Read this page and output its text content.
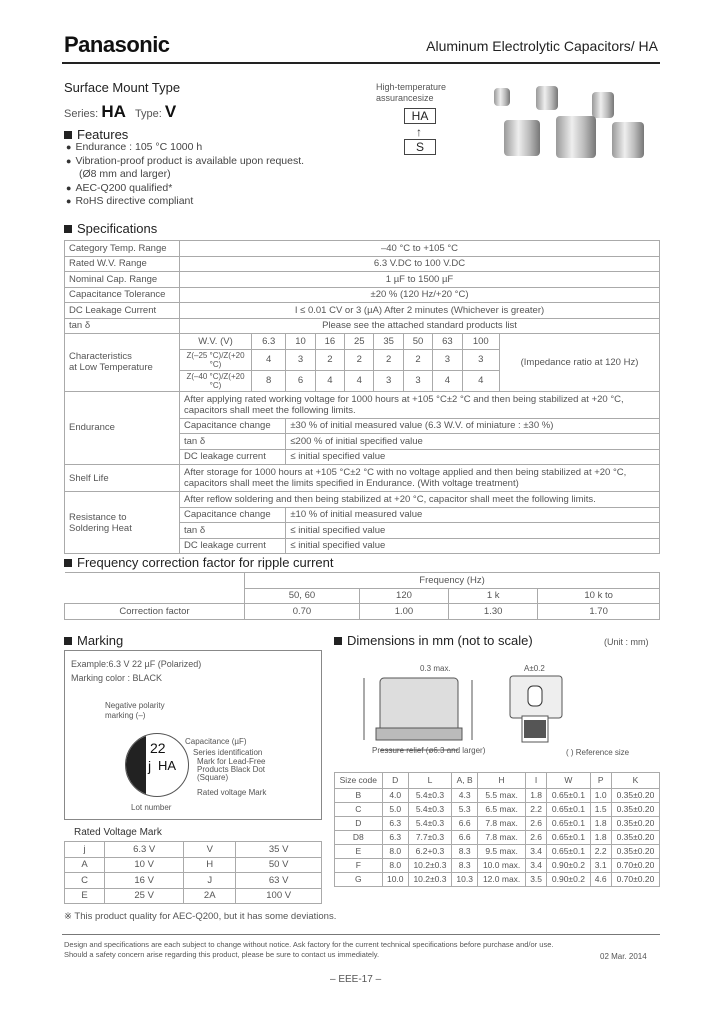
Panasonic	Aluminum Electrolytic Capacitors/ HA
Surface Mount Type
Series: HA Type: V
High-temperature
assurancesize
HA
↑
S
Features
● Endurance : 105 °C 1000 h
● Vibration-proof product is available upon request.
(Ø8 mm and larger)
● AEC-Q200 qualified*
● RoHS directive compliant
Specifications
Category Temp. Range	–40 °C to +105 °C									
Rated W.V. Range	6.3 V.DC to 100 V.DC									
Nominal Cap. Range	1 µF to 1500 µF									
Capacitance Tolerance	±20 % (120 Hz/+20 °C)									
DC Leakage Current	I ≤ 0.01 CV or 3 (µA) After 2 minutes (Whichever is greater)									
tan δ	Please see the attached standard products list									
Characteristics
at Low Temperature	W.V. (V)	6.3	10	16	25	35	50	63	100	(Impedance ratio at 120 Hz)
	Z(–25 °C)/Z(+20 °C)	4	3	2	2	2	2	3	3	
	Z(–40 °C)/Z(+20 °C)	8	6	4	4	3	3	4	4	
Endurance	After applying rated working voltage for 1000 hours at +105 °C±2 °C and then being stabilized at +20 °C, capacitors shall meet the following limits.									
	Capacitance change		±30 % of initial measured value (6.3 W.V. of miniature : ±30 %)							
	tan δ		≤200 % of initial specified value							
	DC leakage current		≤ initial specified value							
Shelf Life	After storage for 1000 hours at +105 °C±2 °C with no voltage applied and then being stabilized at +20 °C, capacitors shall meet the limits specified in Endurance. (With voltage treatment)									
Resistance to
Soldering Heat	After reflow soldering and then being stabilized at +20 °C, capacitor shall meet the following limits.									
	Capacitance change		±10 % of initial measured value							
	tan δ		≤ initial specified value							
	DC leakage current		≤ initial specified value							
Frequency correction factor for ripple current
	Frequency (Hz)			
	50, 60	120	1 k	10 k to
Correction factor	0.70	1.00	1.30	1.70
Marking
Example:6.3 V 22 µF (Polarized)
Marking color : BLACK
Negative polarity
marking (–)
22
j HA
Capacitance (µF)
Series identification
Mark for Lead-Free
Products Black Dot
(Square)
Rated voltage Mark
Lot number
Rated Voltage Mark
j	6.3 V	V	35 V
A	10 V	H	50 V
C	16 V	J	63 V
E	25 V	2A	100 V
Dimensions in mm (not to scale)	(Unit : mm)
0.3 max.	A±0.2
Pressure relief (ø6.3 and larger)	( ) Reference size
Size code	D	L	A, B	H	I	W	P	K
B	4.0	5.4±0.3	4.3	5.5 max.	1.8	0.65±0.1	1.0	0.35±0.20
C	5.0	5.4±0.3	5.3	6.5 max.	2.2	0.65±0.1	1.5	0.35±0.20
D	6.3	5.4±0.3	6.6	7.8 max.	2.6	0.65±0.1	1.8	0.35±0.20
D8	6.3	7.7±0.3	6.6	7.8 max.	2.6	0.65±0.1	1.8	0.35±0.20
E	8.0	6.2+0.3	8.3	9.5 max.	3.4	0.65±0.1	2.2	0.35±0.20
F	8.0	10.2±0.3	8.3	10.0 max.	3.4	0.90±0.2	3.1	0.70±0.20
G	10.0	10.2±0.3	10.3	12.0 max.	3.5	0.90±0.2	4.6	0.70±0.20
※ This product quality for AEC-Q200, but it has some deviations.
Design and specifications are each subject to change without notice. Ask factory for the current technical specifications before purchase and/or use.
Should a safety concern arise regarding this product, please be sure to contact us immediately.	02 Mar. 2014
– EEE-17 –
